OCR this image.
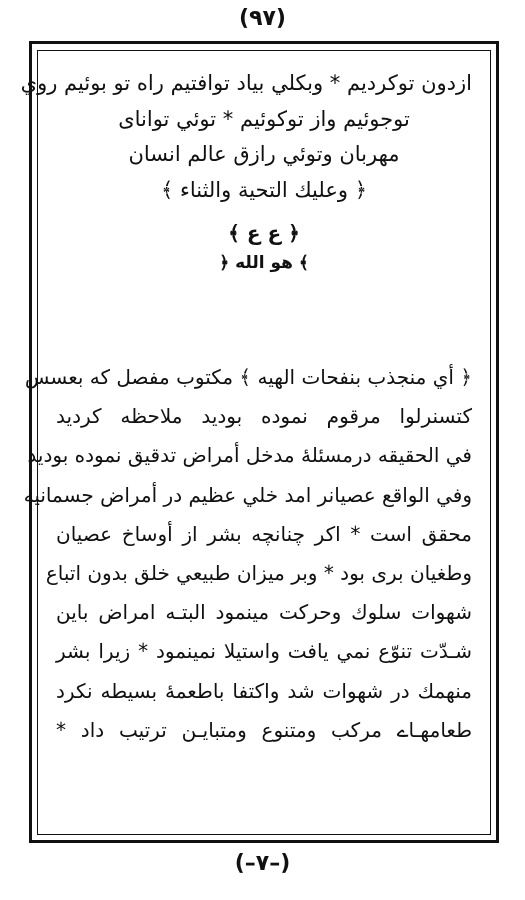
(٩٧)
ازدون توكرديم * وبكلي بياد توافتيم راه تو بوئيم روي
توجوئيم واز توكوئيم * توئي توانای
مهربان وتوئي رازق عالم انسان
﴿ وعليك التحية والثناء ﴾
﴿ ع ع ﴾
﴾ هو الله ﴿
﴿ أي منجذب بنفحات الهيه ﴾ مكتوب مفصل كه بعسس
كتسنرلوا مرقوم نموده بوديد ملاحظه كرديد
في الحقيقه درمسئلهٔ مدخل أمراض تدقيق نموده بوديد
وفي الواقع عصيانر امد خلي عظيم در أمراض جسمانيه
محقق است * اكر چنانچه بشر از أوساخ عصيان
وطغيان برى بود * وبر ميزان طبيعي خلق بدون اتباع
شهوات سلوك وحركت مينمود البتـه امراض باين
شـدّت تنوّع نمي يافت واستيلا نمينمود * زيرا بشر
منهمك در شهوات شد واكتفا باطعمهٔ بسيطه نكرد
طعامهـاے مركب ومتنوع ومتبايـن ترتيب داد *
(–٧–)
